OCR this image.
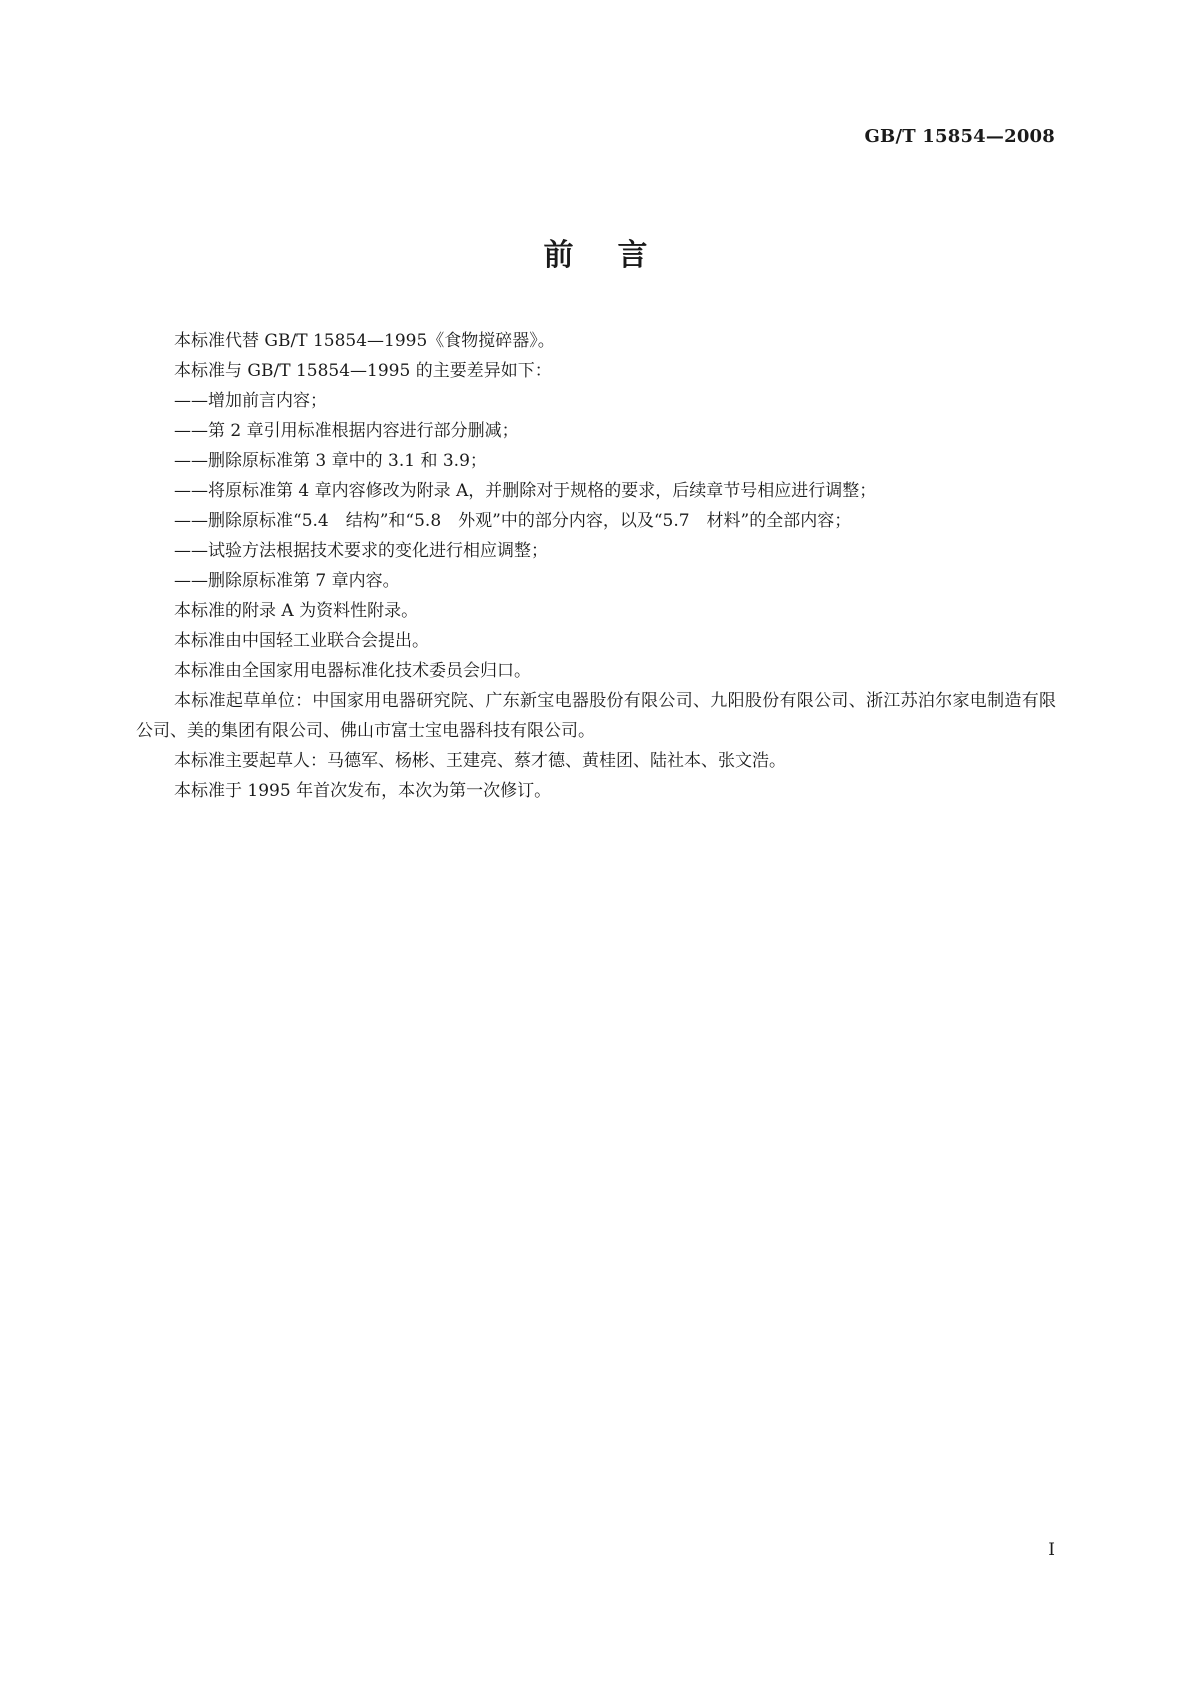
GB/T 15854—2008
前言

本标准代替 GB/T 15854—1995《食物搅碎器》。

本标准与 GB/T 15854—1995 的主要差异如下：

——增加前言内容；

——第 2 章引用标准根据内容进行部分删减；

——删除原标准第 3 章中的 3.1 和 3.9；

——将原标准第 4 章内容修改为附录 A，并删除对于规格的要求，后续章节号相应进行调整；

——删除原标准“5.4　结构”和“5.8　外观”中的部分内容，以及“5.7　材料”的全部内容；

——试验方法根据技术要求的变化进行相应调整；

——删除原标准第 7 章内容。

本标准的附录 A 为资料性附录。

本标准由中国轻工业联合会提出。

本标准由全国家用电器标准化技术委员会归口。

本标准起草单位：中国家用电器研究院、广东新宝电器股份有限公司、九阳股份有限公司、浙江苏泊尔家电制造有限公司、美的集团有限公司、佛山市富士宝电器科技有限公司。

本标准主要起草人：马德军、杨彬、王建亮、蔡才德、黄桂团、陆社本、张文浩。

本标准于 1995 年首次发布，本次为第一次修订。

I
